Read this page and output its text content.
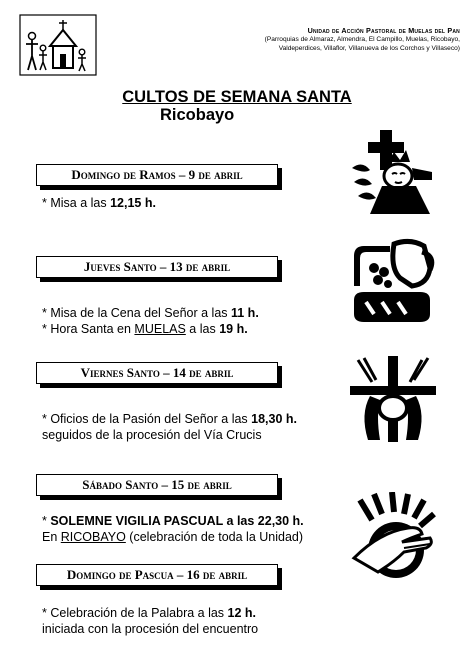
Unidad de Acción Pastoral de Muelas del Pan
(Parroquias de Almaraz, Almendra, El Campillo, Muelas, Ricobayo,
Valdeperdices, Villaflor, Villanueva de los Corchos y Villaseco)
CULTOS DE SEMANA SANTA
Ricobayo
Domingo de Ramos – 9 de abril
* Misa a las 12,15 h.
Jueves Santo – 13 de abril
* Misa de la Cena del Señor a las 11 h.
* Hora Santa en MUELAS a las 19 h.
Viernes Santo – 14 de abril
* Oficios de la Pasión del Señor a las 18,30 h.
seguidos de la procesión del Vía Crucis
Sábado Santo – 15 de abril
* SOLEMNE VIGILIA PASCUAL a las 22,30 h.
En RICOBAYO (celebración de toda la Unidad)
Domingo de Pascua – 16 de abril
* Celebración de la Palabra a las 12 h.
iniciada con la procesión del encuentro
